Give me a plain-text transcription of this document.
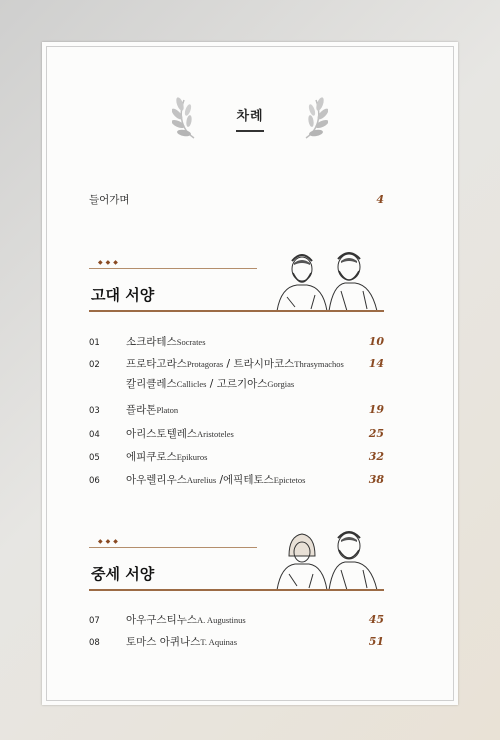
차례
들어가며	4
◆◆◆
고대 서양
01	소크라테스Socrates	10
02	프로타고라스Protagoras / 트라시마코스Thrasymachos	14
칼리클레스Callicles / 고르기아스Gorgias
03	플라톤Platon	19
04	아리스토텔레스Aristoteles	25
05	에피쿠로스Epikuros	32
06	아우렐리우스Aurelius /에픽테토스Epictetos	38
◆◆◆
중세 서양
07	아우구스티누스A. Augustinus	45
08	토마스 아퀴나스T. Aquinas	51
